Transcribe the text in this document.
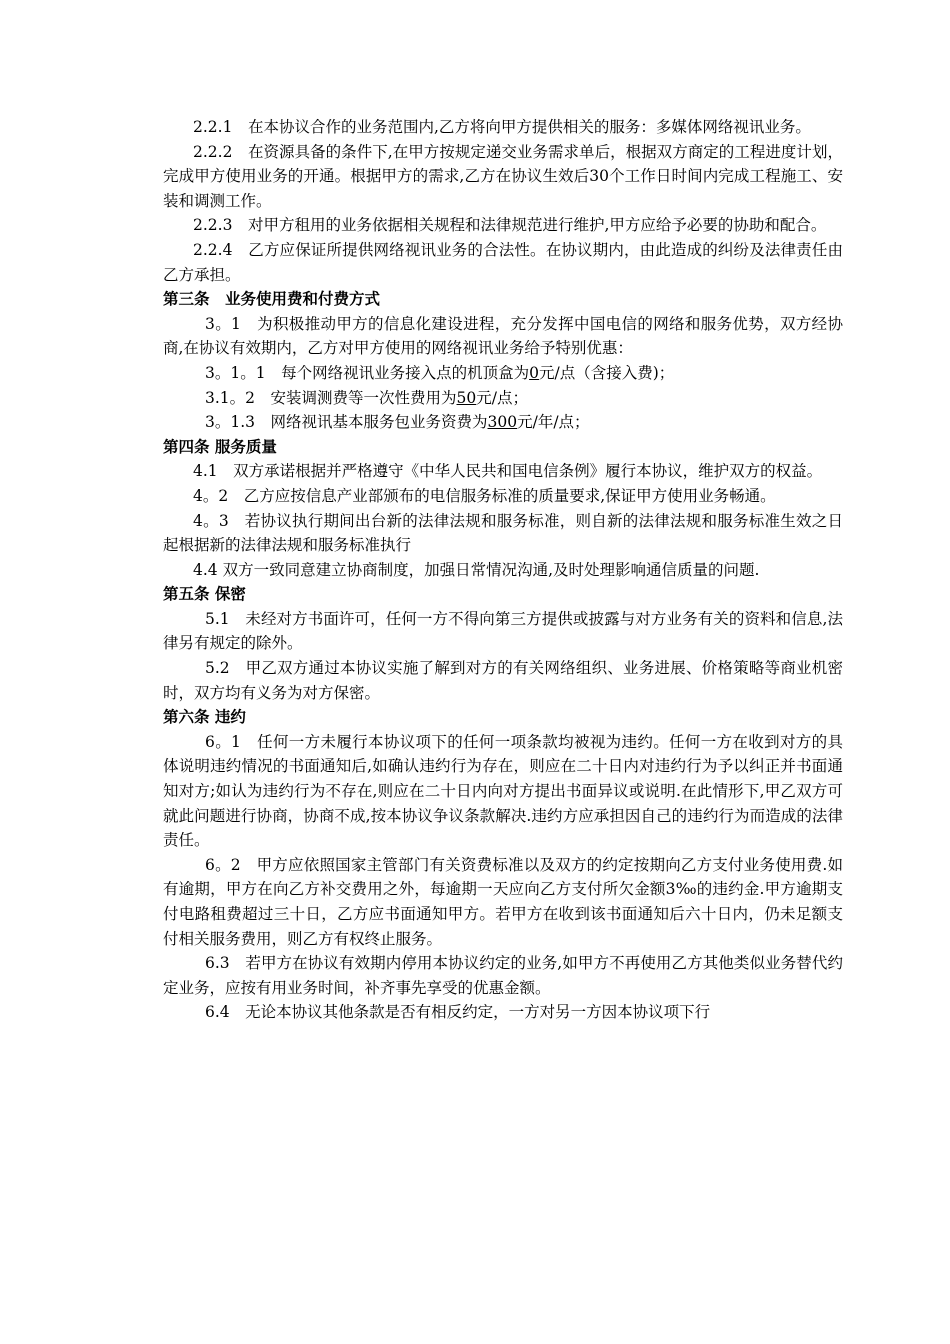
2.2.1　在本协议合作的业务范围内,乙方将向甲方提供相关的服务：多媒体网络视讯业务。

2.2.2　在资源具备的条件下,在甲方按规定递交业务需求单后，根据双方商定的工程进度计划，完成甲方使用业务的开通。根据甲方的需求,乙方在协议生效后30个工作日时间内完成工程施工、安装和调测工作。

2.2.3　对甲方租用的业务依据相关规程和法律规范进行维护,甲方应给予必要的协助和配合。

2.2.4　乙方应保证所提供网络视讯业务的合法性。在协议期内，由此造成的纠纷及法律责任由乙方承担。

第三条　业务使用费和付费方式

3。1　为积极推动甲方的信息化建设进程，充分发挥中国电信的网络和服务优势，双方经协商,在协议有效期内，乙方对甲方使用的网络视讯业务给予特别优惠：

3。1。1　每个网络视讯业务接入点的机顶盒为0元/点（含接入费)；

3.1。2　安装调测费等一次性费用为50元/点；

3。1.3　网络视讯基本服务包业务资费为300元/年/点；

第四条 服务质量

4.1　双方承诺根据并严格遵守《中华人民共和国电信条例》履行本协议，维护双方的权益。

4。2　乙方应按信息产业部颁布的电信服务标准的质量要求,保证甲方使用业务畅通。

4。3　若协议执行期间出台新的法律法规和服务标准，则自新的法律法规和服务标准生效之日起根据新的法律法规和服务标准执行

4.4 双方一致同意建立协商制度，加强日常情况沟通,及时处理影响通信质量的问题.

第五条 保密

5.1　未经对方书面许可，任何一方不得向第三方提供或披露与对方业务有关的资料和信息,法律另有规定的除外。

5.2　甲乙双方通过本协议实施了解到对方的有关网络组织、业务进展、价格策略等商业机密时，双方均有义务为对方保密。

第六条 违约

6。1　任何一方未履行本协议项下的任何一项条款均被视为违约。任何一方在收到对方的具体说明违约情况的书面通知后,如确认违约行为存在，则应在二十日内对违约行为予以纠正并书面通知对方;如认为违约行为不存在,则应在二十日内向对方提出书面异议或说明.在此情形下,甲乙双方可就此问题进行协商，协商不成,按本协议争议条款解决.违约方应承担因自己的违约行为而造成的法律责任。

6。2　甲方应依照国家主管部门有关资费标准以及双方的约定按期向乙方支付业务使用费.如有逾期，甲方在向乙方补交费用之外，每逾期一天应向乙方支付所欠金额3‰的违约金.甲方逾期支付电路租费超过三十日，乙方应书面通知甲方。若甲方在收到该书面通知后六十日内，仍未足额支付相关服务费用，则乙方有权终止服务。

6.3　若甲方在协议有效期内停用本协议约定的业务,如甲方不再使用乙方其他类似业务替代约定业务，应按有用业务时间，补齐事先享受的优惠金额。

6.4　无论本协议其他条款是否有相反约定，一方对另一方因本协议项下行
